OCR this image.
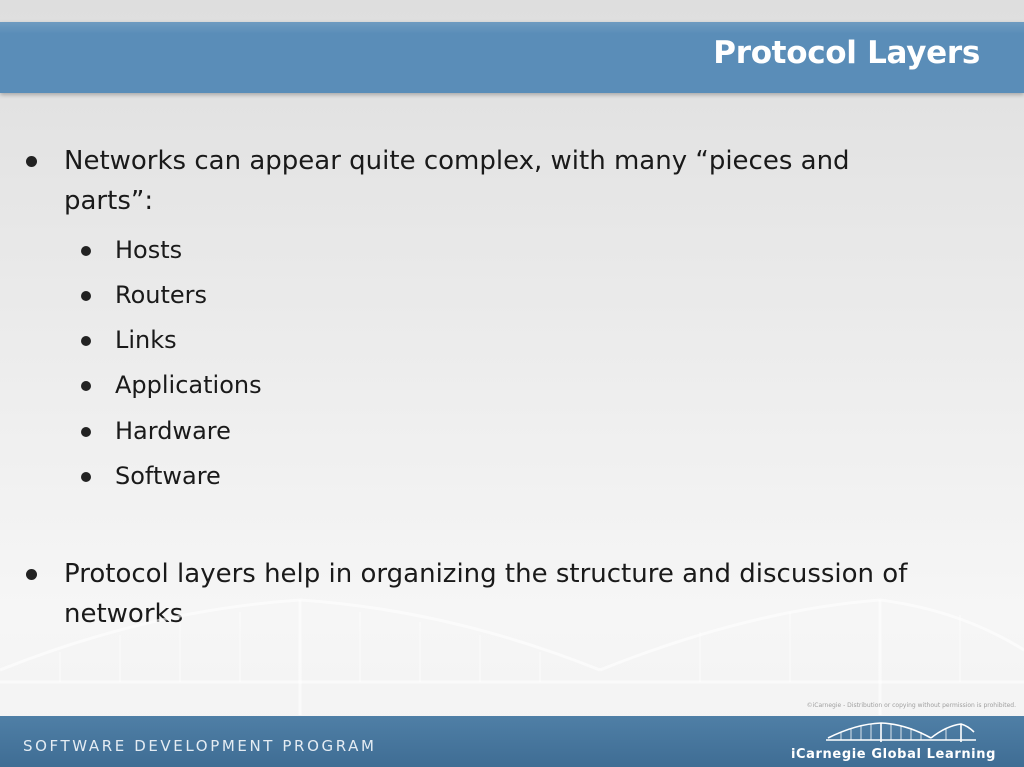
Protocol Layers
Networks can appear quite complex, with many “pieces and
parts”:
Hosts
Routers
Links
Applications
Hardware
Software
Protocol layers help in organizing the structure and discussion of
networks
©iCarnegie - Distribution or copying without permission is prohibited.
SOFTWARE DEVELOPMENT PROGRAM	iCarnegie Global Learning
